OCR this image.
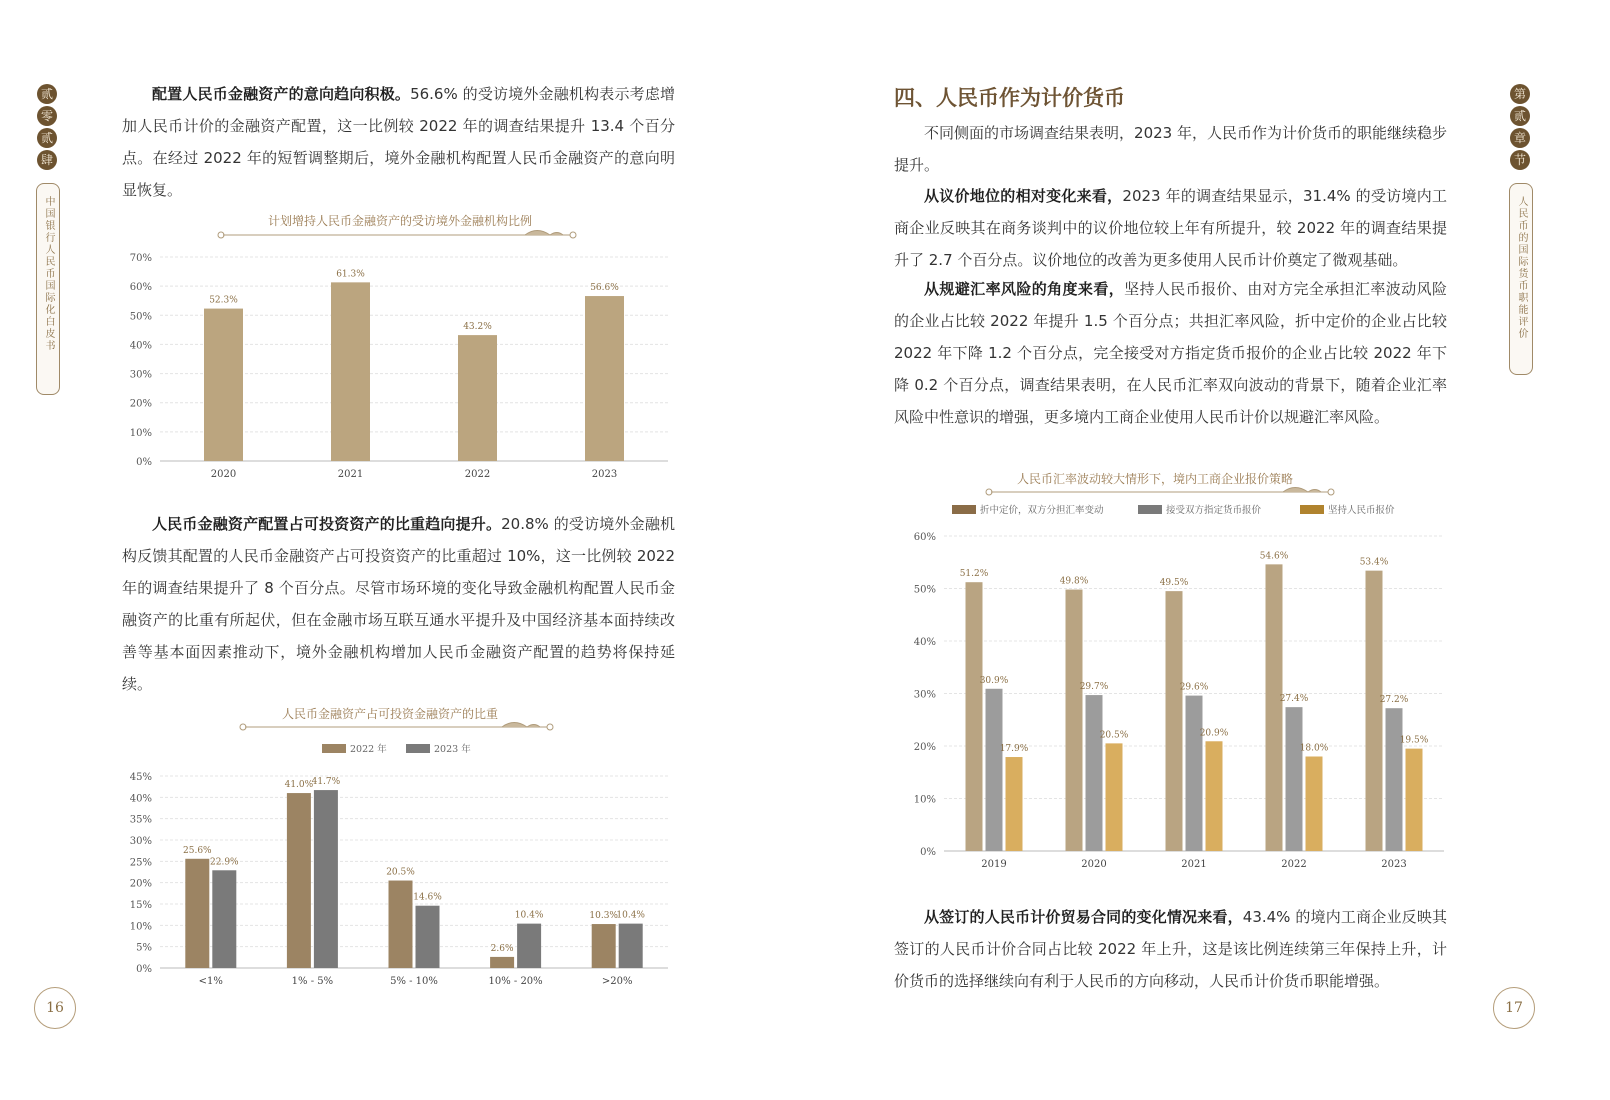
贰
零
贰
肆
中国银行人民币国际化白皮书

配置人民币金融资产的意向趋向积极。56.6% 的受访境外金融机构表示考虑增加人民币计价的金融资产配置，这一比例较 2022 年的调查结果提升 13.4 个百分点。在经过 2022 年的短暂调整期后，境外金融机构配置人民币金融资产的意向明显恢复。

计划增持人民币金融资产的受访境外金融机构比例
0%
10%
20%
30%
40%
50%
60%
70%
52.3%
2020
61.3%
2021
43.2%
2022
56.6%
2023

人民币金融资产配置占可投资资产的比重趋向提升。20.8% 的受访境外金融机构反馈其配置的人民币金融资产占可投资资产的比重超过 10%，这一比例较 2022 年的调查结果提升了 8 个百分点。尽管市场环境的变化导致金融机构配置人民币金融资产的比重有所起伏，但在金融市场互联互通水平提升及中国经济基本面持续改善等基本面因素推动下，境外金融机构增加人民币金融资产配置的趋势将保持延续。

人民币金融资产占可投资金融资产的比重
0%
5%
10%
15%
20%
25%
30%
35%
40%
45%
25.6%
22.9%
<1%
41.0%
41.7%
1% - 5%
20.5%
14.6%
5% - 10%
2.6%
10.4%
10% - 20%
10.3%
10.4%
>20%
2022 年	2023 年
16
第
贰
章
节
人民币的国际货币职能评价
四、人民币作为计价货币

不同侧面的市场调查结果表明，2023 年，人民币作为计价货币的职能继续稳步提升。

从议价地位的相对变化来看，2023 年的调查结果显示，31.4% 的受访境内工商企业反映其在商务谈判中的议价地位较上年有所提升，较 2022 年的调查结果提升了 2.7 个百分点。议价地位的改善为更多使用人民币计价奠定了微观基础。

从规避汇率风险的角度来看，坚持人民币报价、由对方完全承担汇率波动风险的企业占比较 2022 年提升 1.5 个百分点；共担汇率风险，折中定价的企业占比较 2022 年下降 1.2 个百分点，完全接受对方指定货币报价的企业占比较 2022 年下降 0.2 个百分点，调查结果表明，在人民币汇率双向波动的背景下，随着企业汇率风险中性意识的增强，更多境内工商企业使用人民币计价以规避汇率风险。

人民币汇率波动较大情形下，境内工商企业报价策略
0%
10%
20%
30%
40%
50%
60%
51.2%
30.9%
17.9%
2019
49.8%
29.7%
20.5%
2020
49.5%
29.6%
20.9%
2021
54.6%
27.4%
18.0%
2022
53.4%
27.2%
19.5%
2023
折中定价，双方分担汇率变动	接受双方指定货币报价	坚持人民币报价

从签订的人民币计价贸易合同的变化情况来看，43.4% 的境内工商企业反映其签订的人民币计价合同占比较 2022 年上升，这是该比例连续第三年保持上升，计价货币的选择继续向有利于人民币的方向移动，人民币计价货币职能增强。

17
